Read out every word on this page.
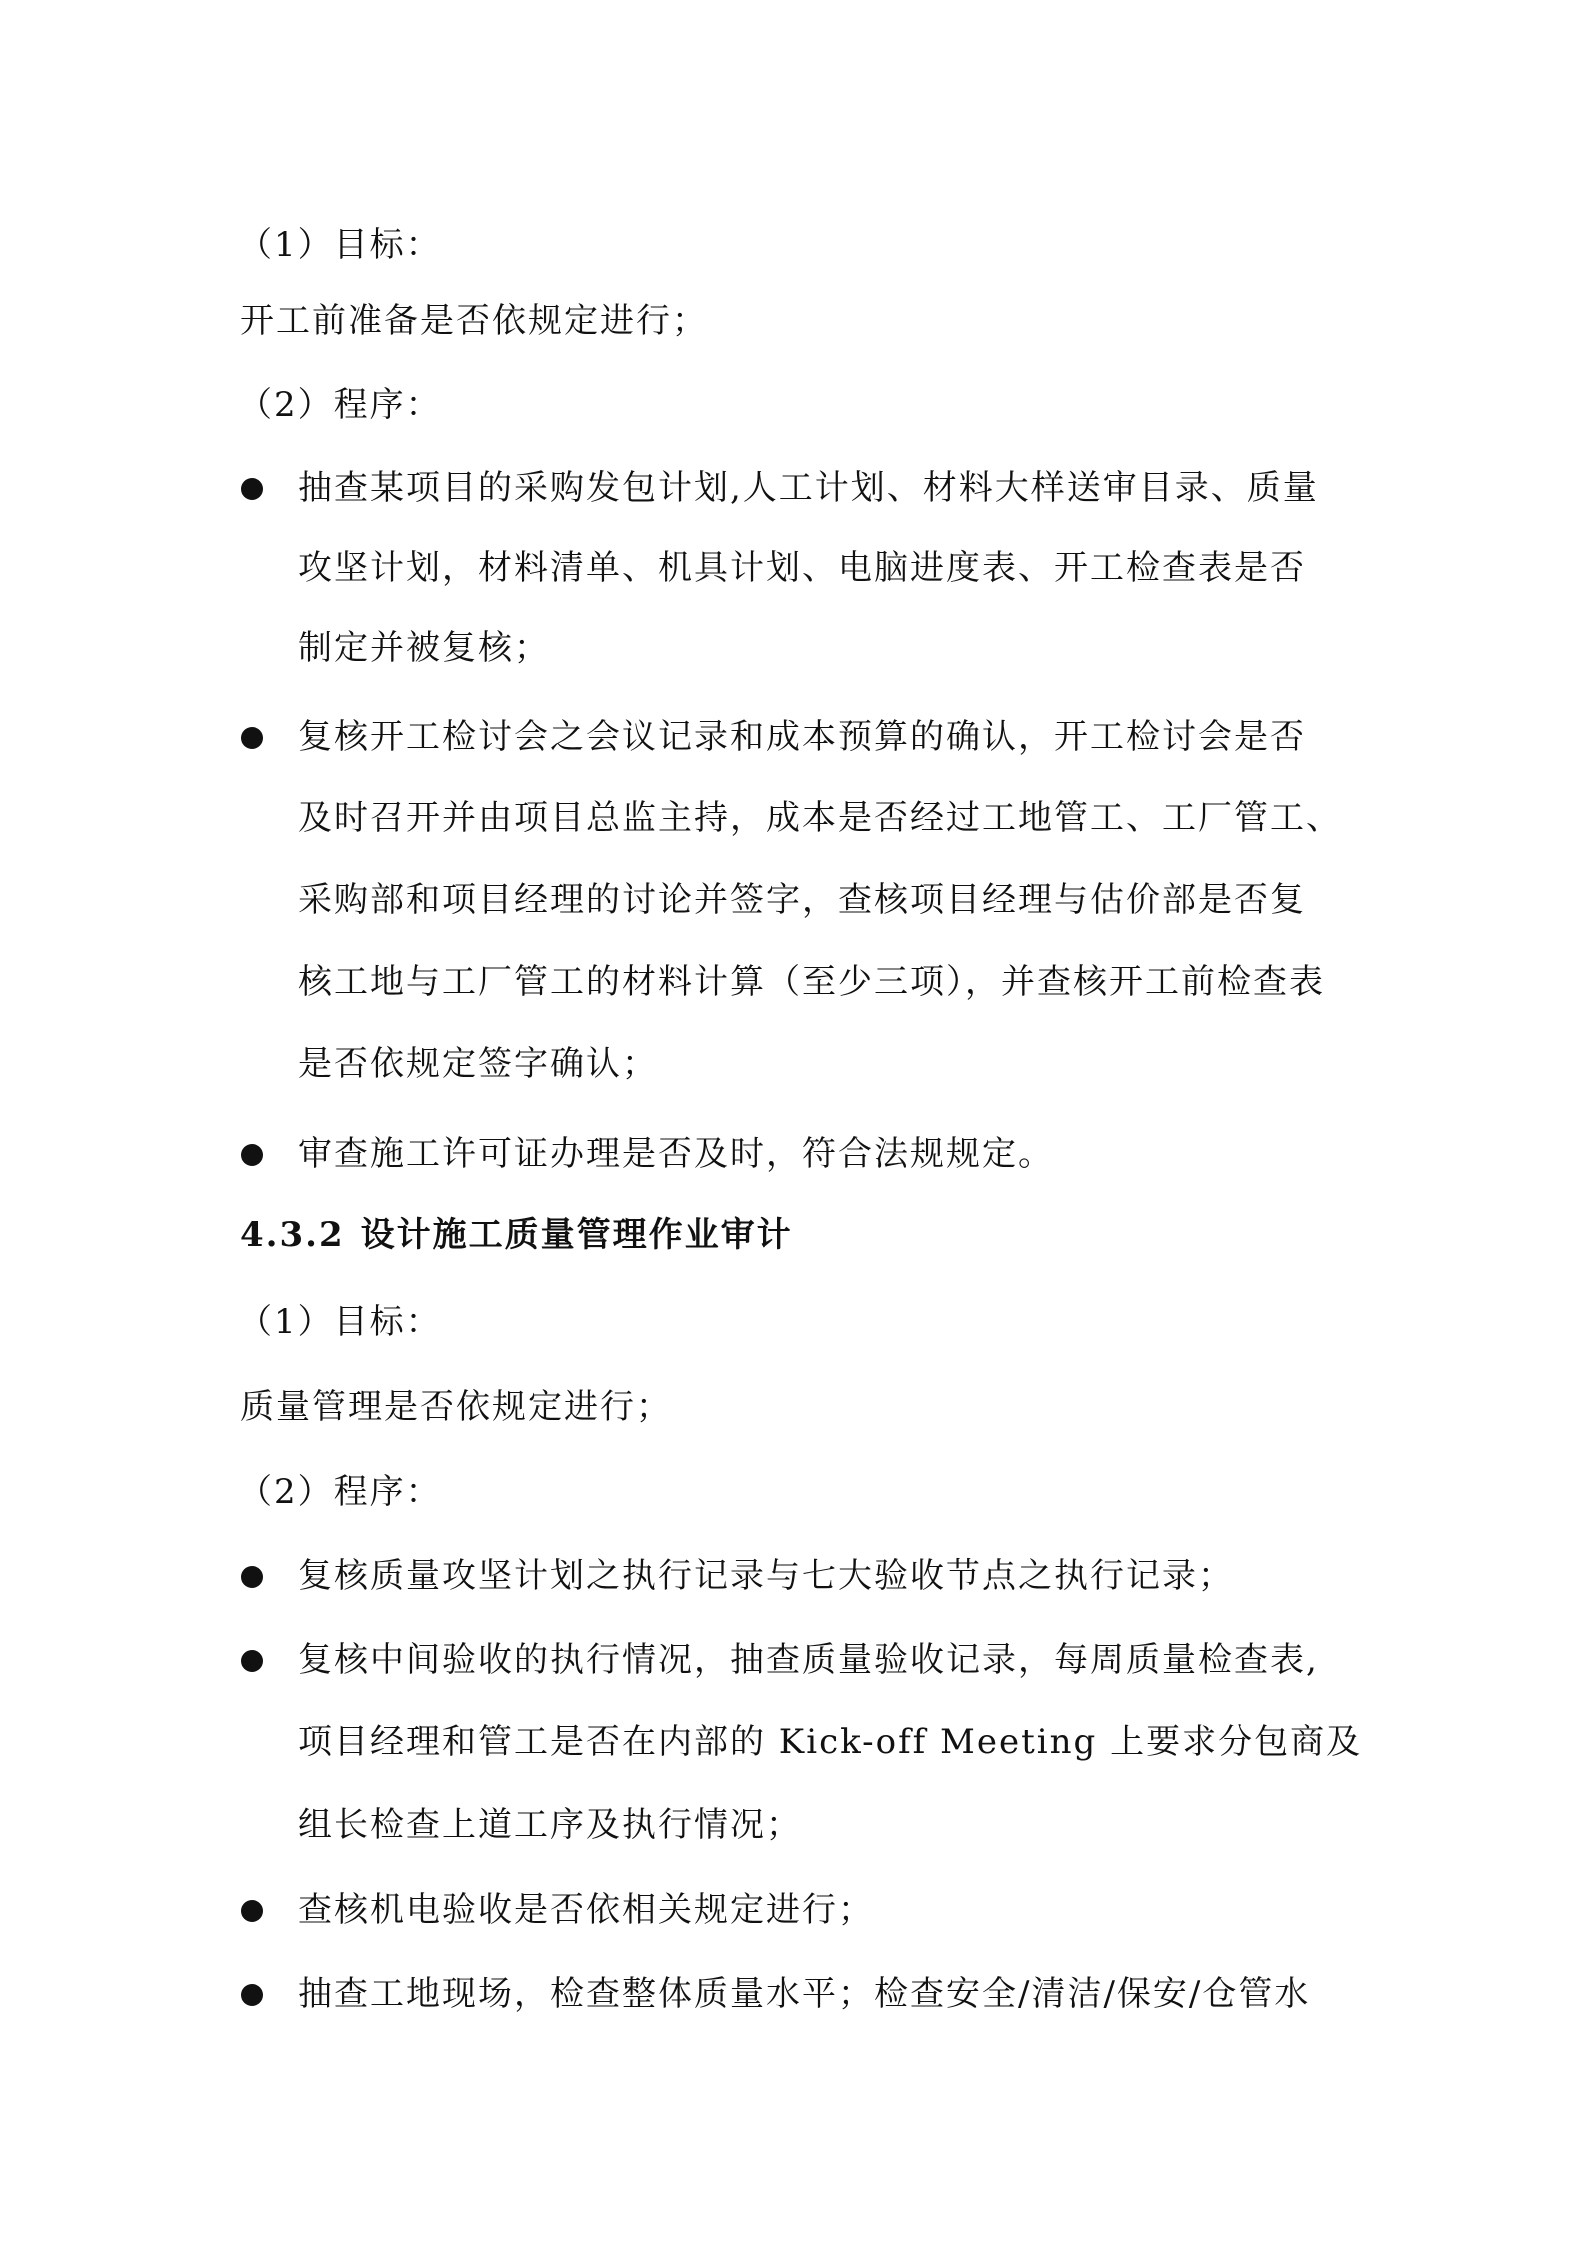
（1）目标：
开工前准备是否依规定进行；
（2）程序：
抽查某项目的采购发包计划,人工计划、材料大样送审目录、质量
攻坚计划，材料清单、机具计划、电脑进度表、开工检查表是否
制定并被复核；
复核开工检讨会之会议记录和成本预算的确认，开工检讨会是否
及时召开并由项目总监主持，成本是否经过工地管工、工厂管工、
采购部和项目经理的讨论并签字，查核项目经理与估价部是否复
核工地与工厂管工的材料计算（至少三项），并查核开工前检查表
是否依规定签字确认；
审查施工许可证办理是否及时，符合法规规定。
4.3.2 设计施工质量管理作业审计
（1）目标：
质量管理是否依规定进行；
（2）程序：
复核质量攻坚计划之执行记录与七大验收节点之执行记录；
复核中间验收的执行情况，抽查质量验收记录，每周质量检查表,
项目经理和管工是否在内部的 Kick-off Meeting 上要求分包商及
组长检查上道工序及执行情况；
查核机电验收是否依相关规定进行；
抽查工地现场，检查整体质量水平；检查安全/清洁/保安/仓管水
